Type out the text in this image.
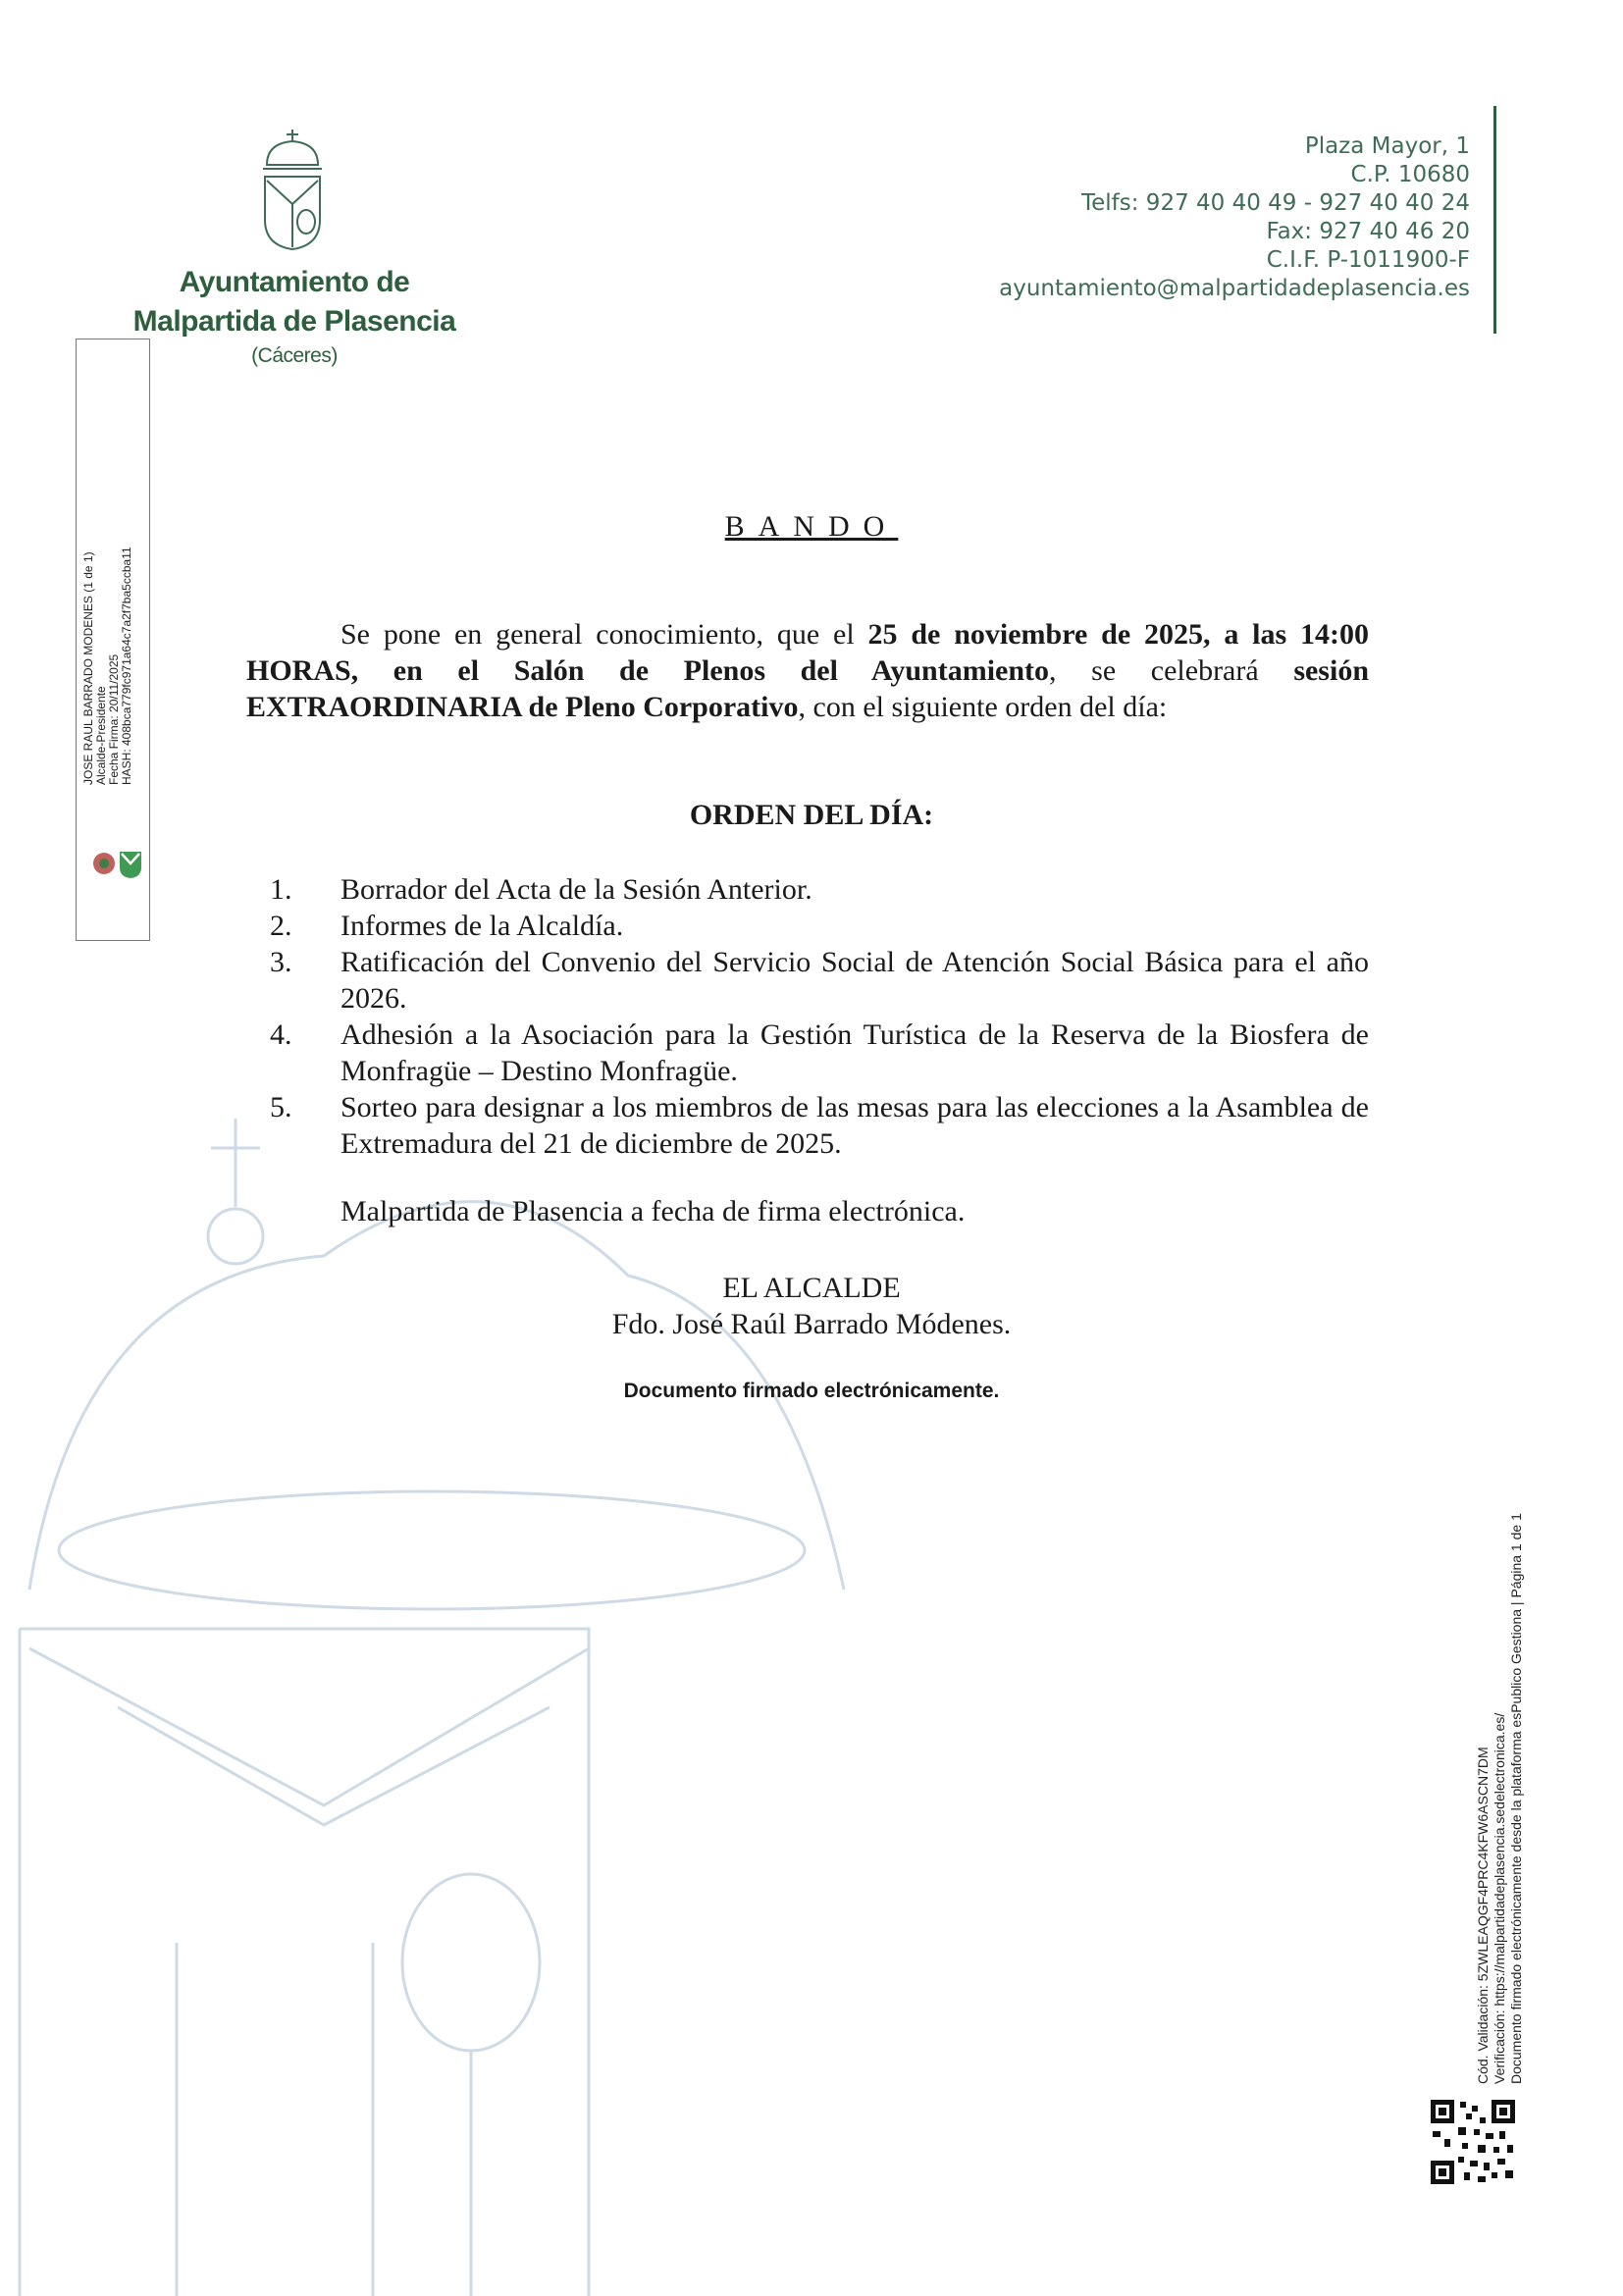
Ayuntamiento de
Malpartida de Plasencia
(Cáceres)
Plaza Mayor, 1
C.P. 10680
Telfs: 927 40 40 49 - 927 40 40 24
Fax: 927 40 46 20
C.I.F. P-1011900-F
ayuntamiento@malpartidadeplasencia.es
JOSE RAUL BARRADO MODENES (1 de 1) Alcalde-Presidente Fecha Firma: 20/11/2025 HASH: 408bca779fc971a64c7a2f7ba5ccba11
BANDO
Se pone en general conocimiento, que el 25 de noviembre de 2025, a las 14:00 HORAS, en el Salón de Plenos del Ayuntamiento, se celebrará sesión EXTRAORDINARIA de Pleno Corporativo, con el siguiente orden del día:
ORDEN DEL DÍA:
1. Borrador del Acta de la Sesión Anterior.
2. Informes de la Alcaldía.
3. Ratificación del Convenio del Servicio Social de Atención Social Básica para el año 2026.
4. Adhesión a la Asociación para la Gestión Turística de la Reserva de la Biosfera de Monfragüe – Destino Monfragüe.
5. Sorteo para designar a los miembros de las mesas para las elecciones a la Asamblea de Extremadura del 21 de diciembre de 2025.
Malpartida de Plasencia a fecha de firma electrónica.
EL ALCALDE
Fdo. José Raúl Barrado Módenes.
Documento firmado electrónicamente.
Cód. Validación: 5ZWLEAQGF4PRC4KFW6ASCN7DM Verificación: https://malpartidadeplasencia.sedelectronica.es/ Documento firmado electrónicamente desde la plataforma esPublico Gestiona | Página 1 de 1
